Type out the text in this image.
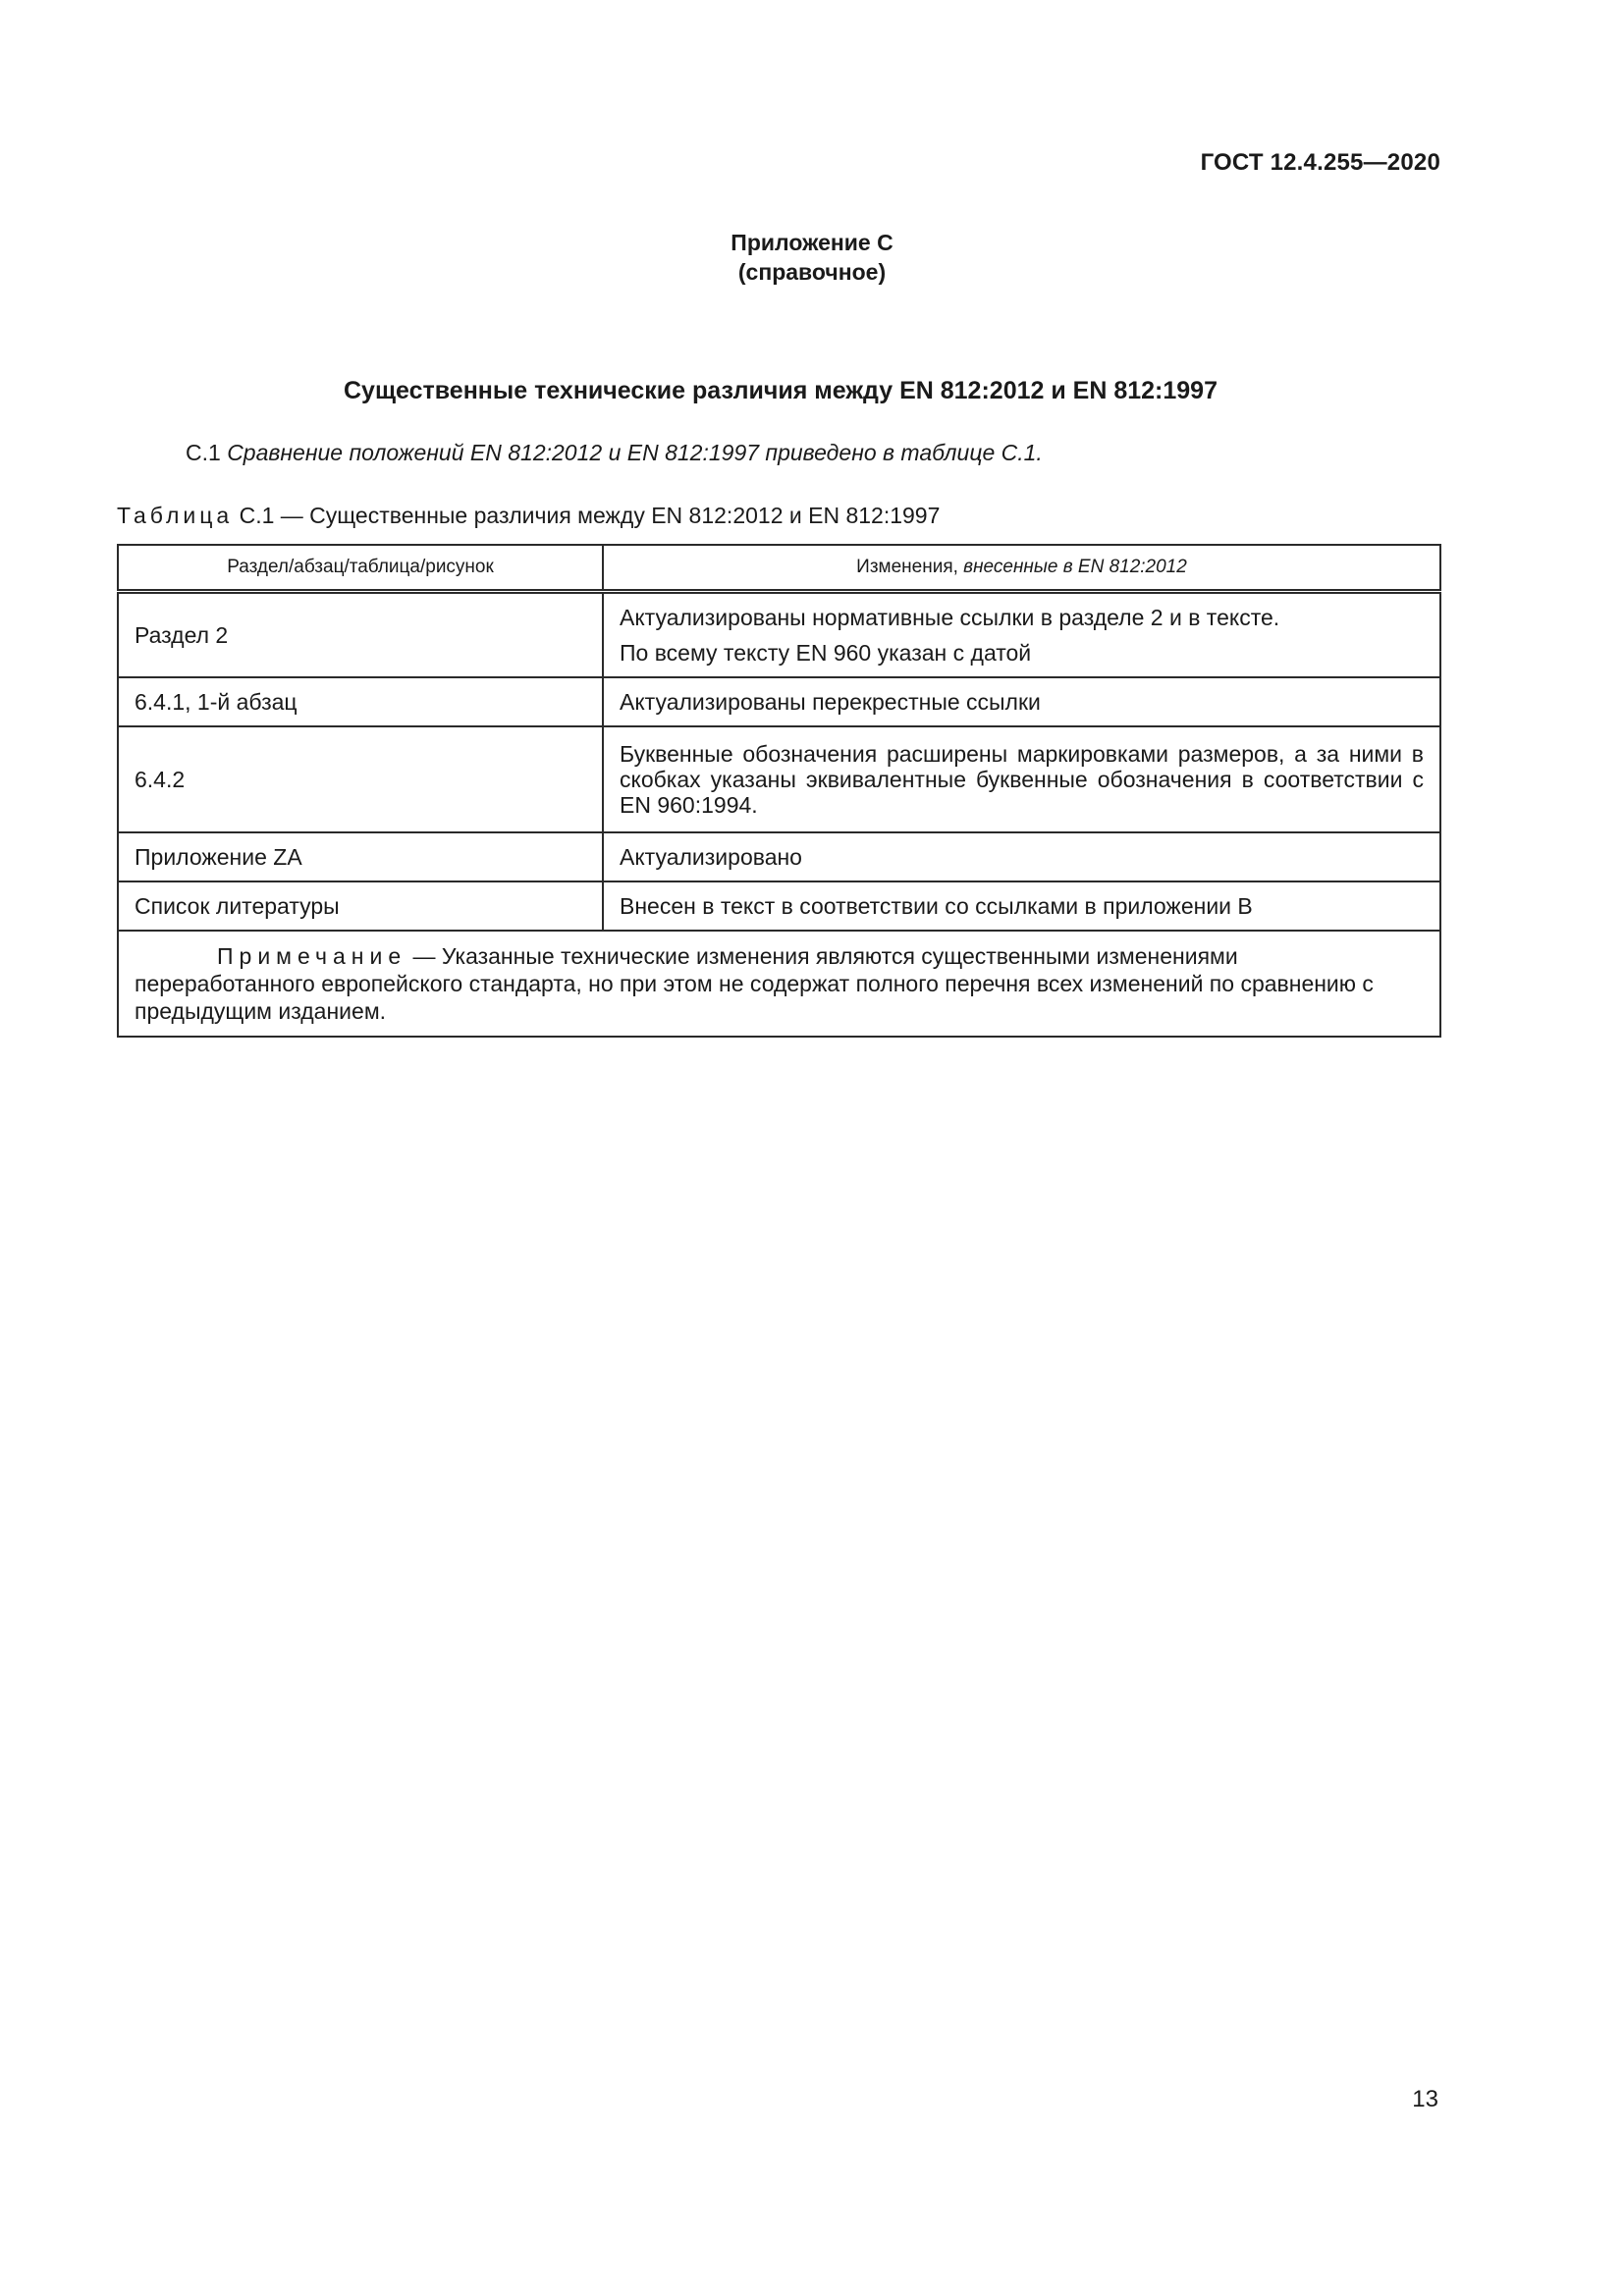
ГОСТ 12.4.255—2020
Приложение С
(справочное)
Существенные технические различия между EN 812:2012 и EN 812:1997
С.1 Сравнение положений EN 812:2012 и EN 812:1997 приведено в таблице С.1.
Таблица С.1 — Существенные различия между EN 812:2012 и EN 812:1997
Раздел/абзац/таблица/рисунок	Изменения, внесенные в EN 812:2012
Раздел 2	Актуализированы нормативные ссылки в разделе 2 и в тексте.
По всему тексту EN 960 указан с датой

6.4.1, 1-й абзац	Актуализированы перекрестные ссылки
6.4.2	Буквенные обозначения расширены маркировками размеров, а за ними в скобках указаны эквивалентные буквенные обозначения в соответствии с EN 960:1994.
Приложение ZA	Актуализировано
Список литературы	Внесен в текст в соответствии со ссылками в приложении В
Примечание — Указанные технические изменения являются существенными изменениями переработанного европейского стандарта, но при этом не содержат полного перечня всех изменений по сравнению с предыдущим изданием.	
13
